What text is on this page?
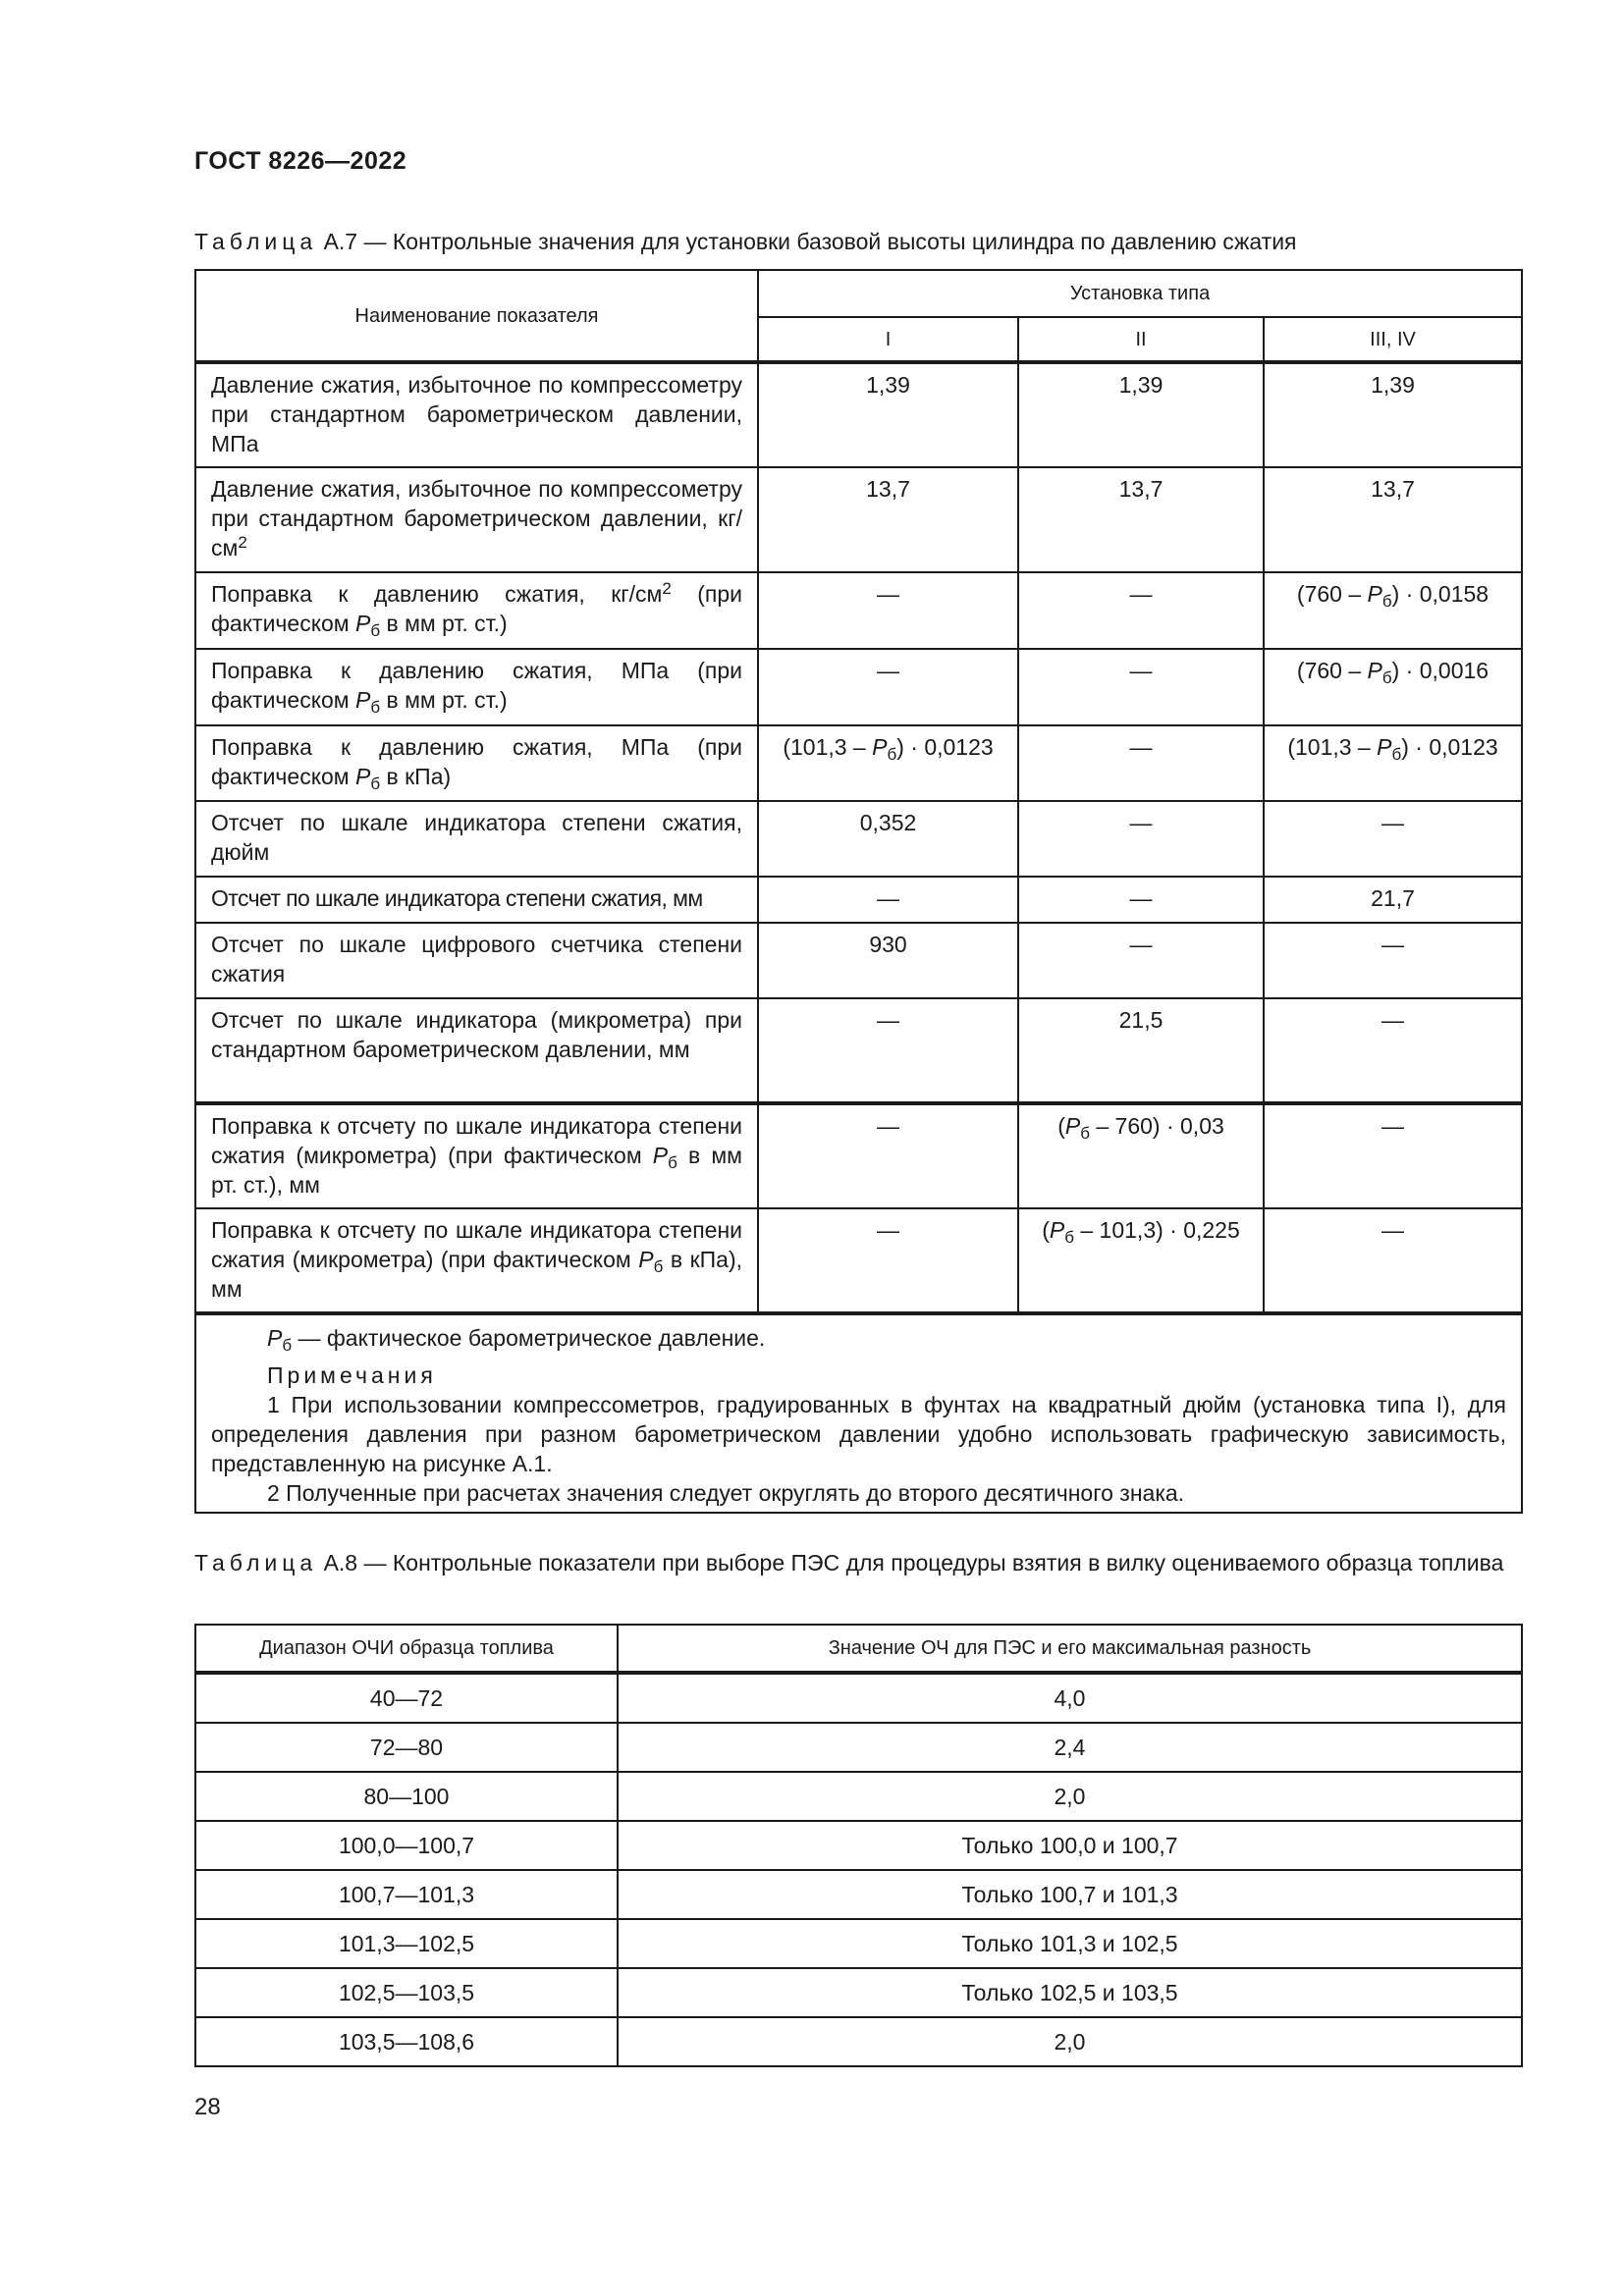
ГОСТ 8226—2022
Таблица А.7 — Контрольные значения для установки базовой высоты цилиндра по давлению сжатия
Наименование показателя	Установка типа		
	I	II	III, IV
Давление сжатия, избыточное по компрессометру при стандартном барометрическом давлении, МПа	1,39	1,39	1,39
Давление сжатия, избыточное по компрессометру при стандартном барометрическом давлении, $кг/см^2$	13,7	13,7	13,7
Поправка к давлению сжатия, $кг/см^2$ (при фактическом $P_б$ в мм рт. ст.)	—	—	$(760 - P_б) \cdot 0,0158$
Поправка к давлению сжатия, МПа (при фактическом $P_б$ в мм рт. ст.)	—	—	$(760 - P_б) \cdot 0,0016$
Поправка к давлению сжатия, МПа (при фактическом $P_б$ в кПа)	$(101,3 - P_б) \cdot 0,0123$	—	$(101,3 - P_б) \cdot 0,0123$
Отсчет по шкале индикатора степени сжатия, дюйм	0,352	—	—
Отсчет по шкале индикатора степени сжатия, мм	—	—	21,7
Отсчет по шкале цифрового счетчика степени сжатия	930	—	—
Отсчет по шкале индикатора (микрометра) при стандартном барометрическом давлении, мм	—	21,5	—
Поправка к отсчету по шкале индикатора степени сжатия (микрометра) (при фактическом $P_б$ в мм рт. ст.), мм	—	$(P_б - 760) \cdot 0,03$	—
Поправка к отсчету по шкале индикатора степени сжатия (микрометра) (при фактическом $P_б$ в кПа), мм	—	$(P_б - 101,3) \cdot 0,225$	—

$P_б$ — фактическое барометрическое давление.
Примечания
1 При использовании компрессометров, градуированных в фунтах на квадратный дюйм (установка типа I), для определения давления при разном барометрическом давлении удобно использовать графическую зависимость, представленную на рисунке А.1.
2 Полученные при расчетах значения следует округлять до второго десятичного знака.			
Таблица А.8 — Контрольные показатели при выборе ПЭС для процедуры взятия в вилку оцениваемого образца топлива
Диапазон ОЧИ образца топлива	Значение ОЧ для ПЭС и его максимальная разность
40—72	4,0
72—80	2,4
80—100	2,0
100,0—100,7	Только 100,0 и 100,7
100,7—101,3	Только 100,7 и 101,3
101,3—102,5	Только 101,3 и 102,5
102,5—103,5	Только 102,5 и 103,5
103,5—108,6	2,0
28
